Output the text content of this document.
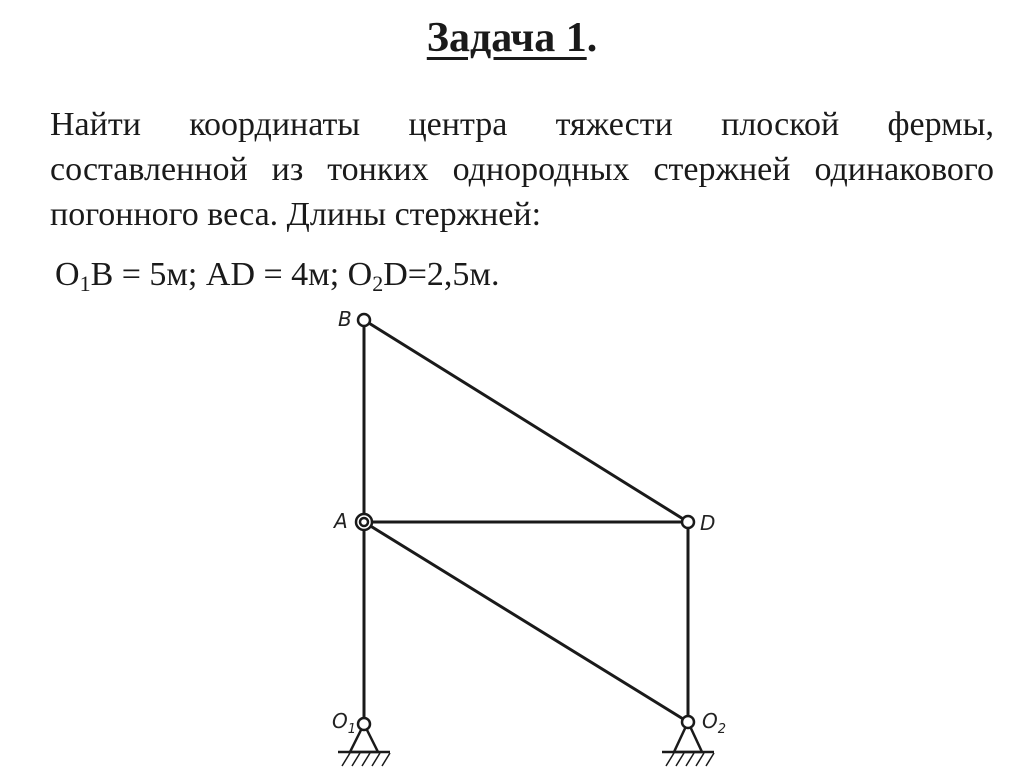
Задача 1.
Найти координаты центра тяжести плоской фермы, составленной из тонких однородных стержней одинакового погонного веса. Длины стержней:
$O_1B = 5м$; AD = 4м; $O_2D=2,5м$.
B
A	D
$O_1$	$O_2$
